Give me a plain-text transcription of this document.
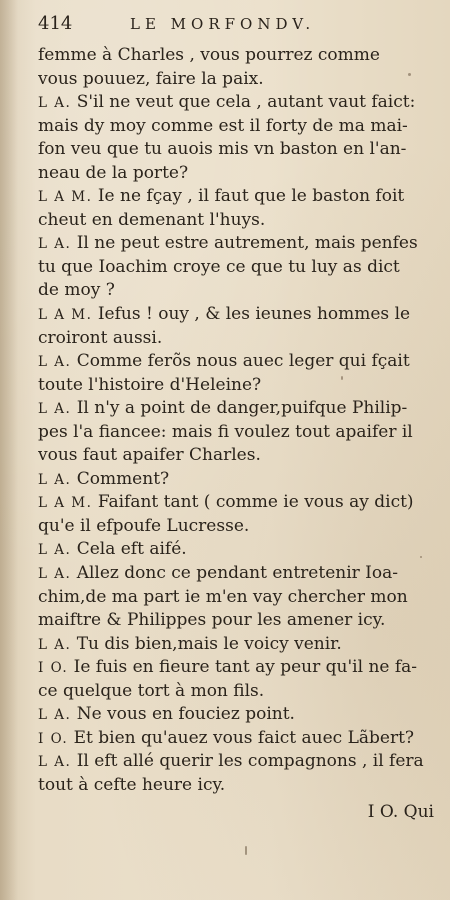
414	LE MORFONDV.
femme à Charles , vous pourrez comme
vous pouuez, faire la paix.
L A. S'il ne veut que cela , autant vaut faict:
mais dy moy comme est il forty de ma mai-
fon veu que tu auois mis vn baston en l'an-
neau de la porte?
L A M. Ie ne fçay , il faut que le baston foit
cheut en demenant l'huys.
L A. Il ne peut estre autrement, mais penfes
tu que Ioachim croye ce que tu luy as dict
de moy ?
L A M. Iefus ! ouy , & les ieunes hommes le
croiront aussi.
L A. Comme ferõs nous auec leger qui fçait
toute l'histoire d'Heleine?
L A. Il n'y a point de danger,puifque Philip-
pes l'a fiancee: mais fi voulez tout apaifer il
vous faut apaifer Charles.
L A. Comment?
L A M. Faifant tant ( comme ie vous ay dict)
qu'e il efpoufe Lucresse.
L A. Cela eft aifé.
L A. Allez donc ce pendant entretenir Ioa-
chim,de ma part ie m'en vay chercher mon
maiftre & Philippes pour les amener icy.
L A. Tu dis bien,mais le voicy venir.
I O. Ie fuis en fieure tant ay peur qu'il ne fa-
ce quelque tort à mon fils.
L A. Ne vous en fouciez point.
I O. Et bien qu'auez vous faict auec Lãbert?
L A. Il eft allé querir les compagnons , il fera
tout à cefte heure icy.
I O. Qui
